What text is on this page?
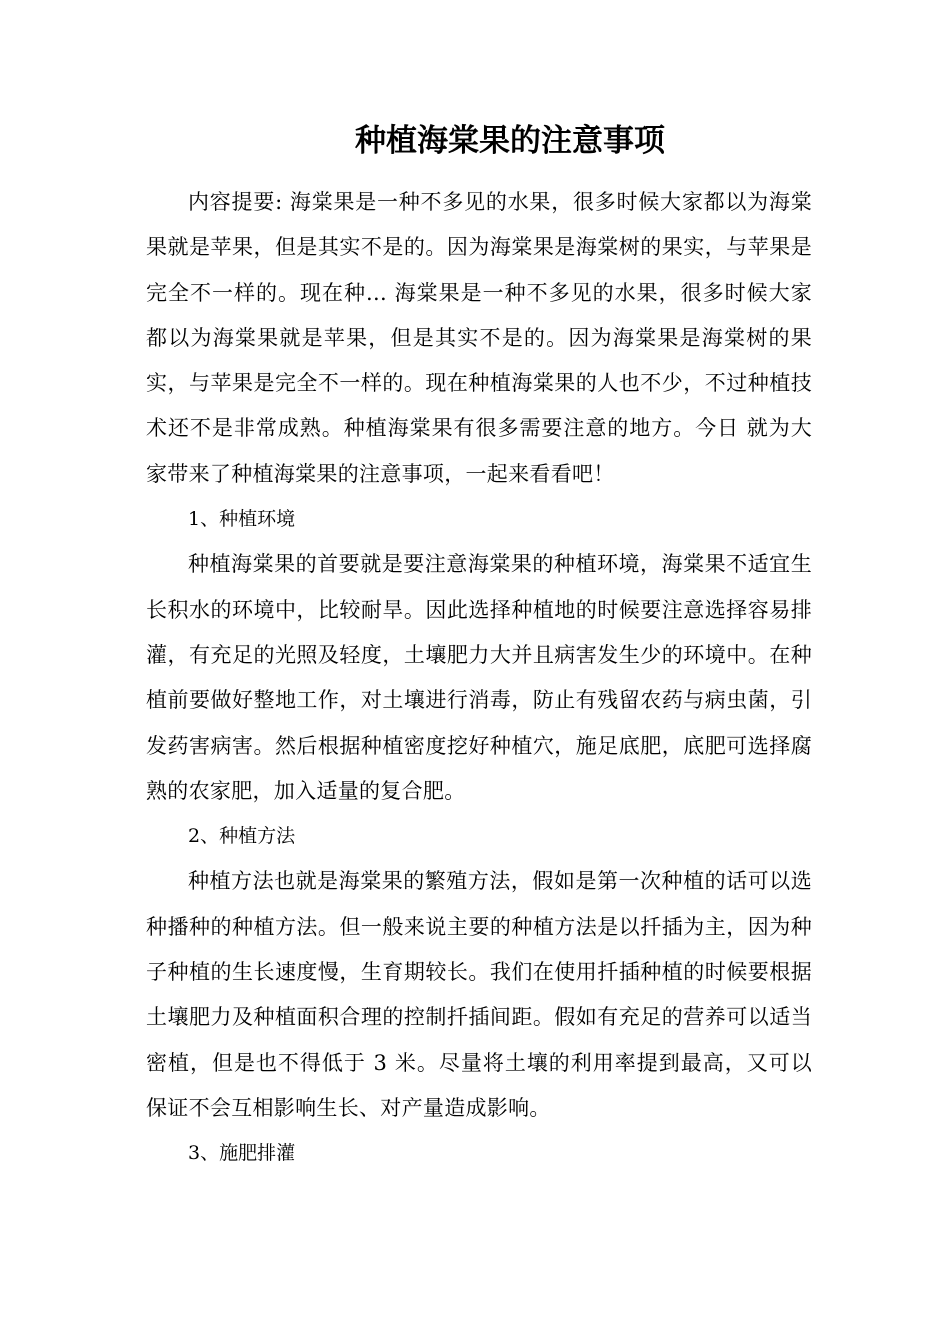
种植海棠果的注意事项

内容提要: 海棠果是一种不多见的水果，很多时候大家都以为海棠果就是苹果，但是其实不是的。因为海棠果是海棠树的果实，与苹果是完全不一样的。现在种... 海棠果是一种不多见的水果，很多时候大家都以为海棠果就是苹果，但是其实不是的。因为海棠果是海棠树的果实，与苹果是完全不一样的。现在种植海棠果的人也不少，不过种植技术还不是非常成熟。种植海棠果有很多需要注意的地方。今日 就为大家带来了种植海棠果的注意事项，一起来看看吧！

1、种植环境

种植海棠果的首要就是要注意海棠果的种植环境，海棠果不适宜生长积水的环境中，比较耐旱。因此选择种植地的时候要注意选择容易排灌，有充足的光照及轻度，土壤肥力大并且病害发生少的环境中。在种植前要做好整地工作，对土壤进行消毒，防止有残留农药与病虫菌，引发药害病害。然后根据种植密度挖好种植穴，施足底肥，底肥可选择腐熟的农家肥，加入适量的复合肥。

2、种植方法

种植方法也就是海棠果的繁殖方法，假如是第一次种植的话可以选种播种的种植方法。但一般来说主要的种植方法是以扦插为主，因为种子种植的生长速度慢，生育期较长。我们在使用扦插种植的时候要根据土壤肥力及种植面积合理的控制扦插间距。假如有充足的营养可以适当密植，但是也不得低于 3 米。尽量将土壤的利用率提到最高，又可以保证不会互相影响生长、对产量造成影响。

3、施肥排灌
